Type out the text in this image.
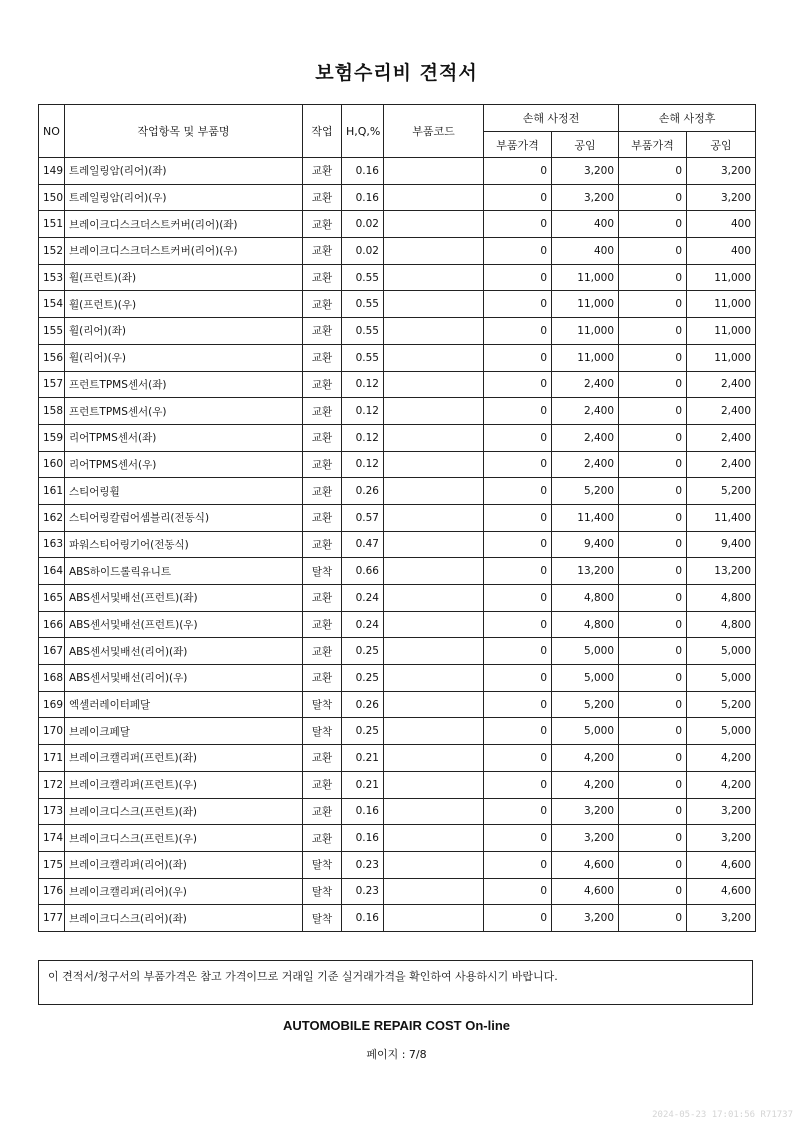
보험수리비 견적서
NO	작업항목 및 부품명	작업	H,Q,%	부품코드	손해 사정전		손해 사정후	
					부품가격	공임	부품가격	공임
149	트레일링암(리어)(좌)	교환	0.16		0	3,200	0	3,200
150	트레일링암(리어)(우)	교환	0.16		0	3,200	0	3,200
151	브레이크디스크더스트커버(리어)(좌)	교환	0.02		0	400	0	400
152	브레이크디스크더스트커버(리어)(우)	교환	0.02		0	400	0	400
153	휠(프런트)(좌)	교환	0.55		0	11,000	0	11,000
154	휠(프런트)(우)	교환	0.55		0	11,000	0	11,000
155	휠(리어)(좌)	교환	0.55		0	11,000	0	11,000
156	휠(리어)(우)	교환	0.55		0	11,000	0	11,000
157	프런트TPMS센서(좌)	교환	0.12		0	2,400	0	2,400
158	프런트TPMS센서(우)	교환	0.12		0	2,400	0	2,400
159	리어TPMS센서(좌)	교환	0.12		0	2,400	0	2,400
160	리어TPMS센서(우)	교환	0.12		0	2,400	0	2,400
161	스티어링휠	교환	0.26		0	5,200	0	5,200
162	스티어링칼럼어셈블리(전동식)	교환	0.57		0	11,400	0	11,400
163	파워스티어링기어(전동식)	교환	0.47		0	9,400	0	9,400
164	ABS하이드롤릭유니트	탈착	0.66		0	13,200	0	13,200
165	ABS센서및배선(프런트)(좌)	교환	0.24		0	4,800	0	4,800
166	ABS센서및배선(프런트)(우)	교환	0.24		0	4,800	0	4,800
167	ABS센서및배선(리어)(좌)	교환	0.25		0	5,000	0	5,000
168	ABS센서및배선(리어)(우)	교환	0.25		0	5,000	0	5,000
169	엑셀러레이터페달	탈착	0.26		0	5,200	0	5,200
170	브레이크페달	탈착	0.25		0	5,000	0	5,000
171	브레이크캘리퍼(프런트)(좌)	교환	0.21		0	4,200	0	4,200
172	브레이크캘리퍼(프런트)(우)	교환	0.21		0	4,200	0	4,200
173	브레이크디스크(프런트)(좌)	교환	0.16		0	3,200	0	3,200
174	브레이크디스크(프런트)(우)	교환	0.16		0	3,200	0	3,200
175	브레이크캘리퍼(리어)(좌)	탈착	0.23		0	4,600	0	4,600
176	브레이크캘리퍼(리어)(우)	탈착	0.23		0	4,600	0	4,600
177	브레이크디스크(리어)(좌)	탈착	0.16		0	3,200	0	3,200
이 견적서/청구서의 부품가격은 참고 가격이므로 거래일 기준 실거래가격을 확인하여 사용하시기 바랍니다.
AUTOMOBILE REPAIR COST On-line
페이지 : 7/8
2024-05-23 17:01:56 R71737
